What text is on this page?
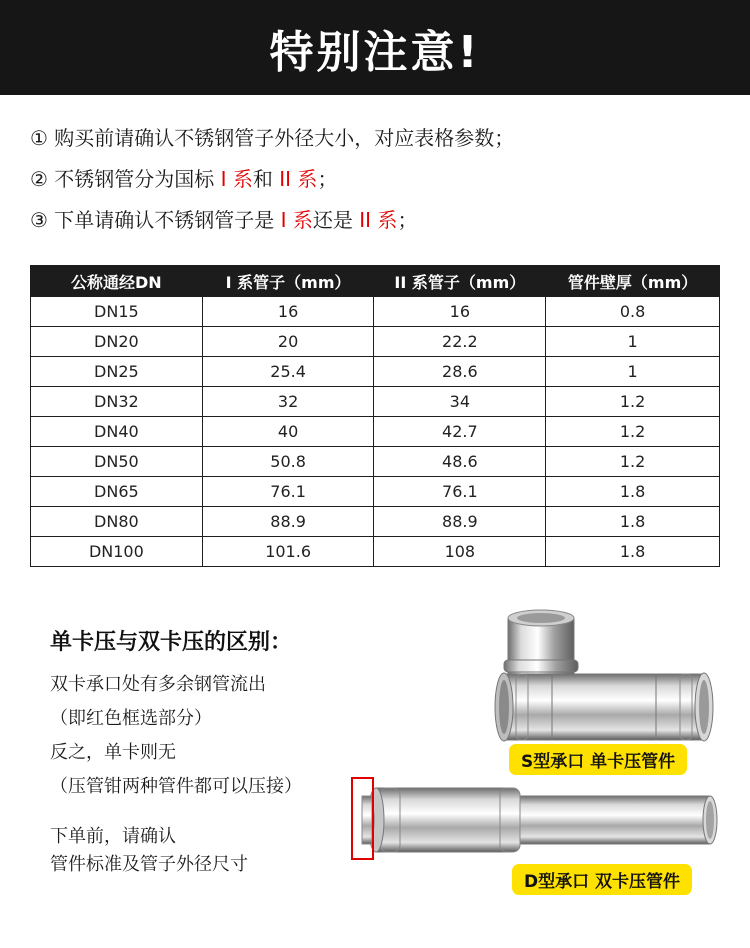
特别注意!
① 购买前请确认不锈钢管子外径大小，对应表格参数；
② 不锈钢管分为国标 I 系和 II 系；
③ 下单请确认不锈钢管子是 I 系还是 II 系；
公称通经DN	I 系管子（mm）	II 系管子（mm）	管件壁厚（mm）
DN15	16	16	0.8
DN20	20	22.2	1
DN25	25.4	28.6	1
DN32	32	34	1.2
DN40	40	42.7	1.2
DN50	50.8	48.6	1.2
DN65	76.1	76.1	1.8
DN80	88.9	88.9	1.8
DN100	101.6	108	1.8
单卡压与双卡压的区别：
双卡承口处有多余钢管流出
（即红色框选部分）
反之，单卡则无
（压管钳两种管件都可以压接）
下单前，请确认
管件标准及管子外径尺寸
S型承口 单卡压管件
D型承口 双卡压管件
